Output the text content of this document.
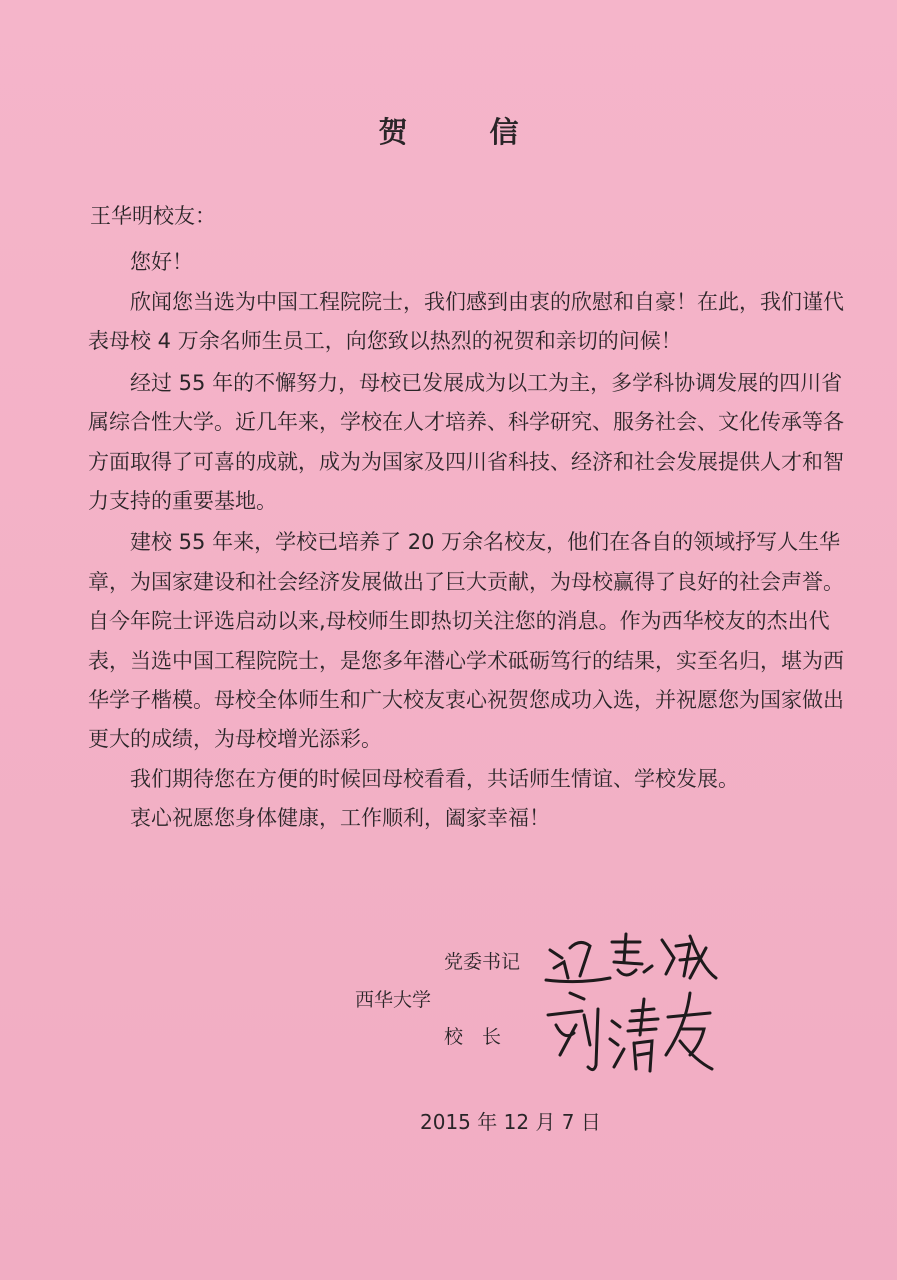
贺 信
王华明校友：
您好！

欣闻您当选为中国工程院院士，我们感到由衷的欣慰和自豪！在此，我们谨代表母校 4 万余名师生员工，向您致以热烈的祝贺和亲切的问候！

经过 55 年的不懈努力，母校已发展成为以工为主，多学科协调发展的四川省属综合性大学。近几年来，学校在人才培养、科学研究、服务社会、文化传承等各方面取得了可喜的成就，成为为国家及四川省科技、经济和社会发展提供人才和智力支持的重要基地。

建校 55 年来，学校已培养了 20 万余名校友，他们在各自的领域抒写人生华章，为国家建设和社会经济发展做出了巨大贡献，为母校赢得了良好的社会声誉。自今年院士评选启动以来,母校师生即热切关注您的消息。作为西华校友的杰出代表，当选中国工程院院士，是您多年潜心学术砥砺笃行的结果，实至名归，堪为西华学子楷模。母校全体师生和广大校友衷心祝贺您成功入选，并祝愿您为国家做出更大的成绩，为母校增光添彩。

我们期待您在方便的时候回母校看看，共话师生情谊、学校发展。

衷心祝愿您身体健康，工作顺利，阖家幸福！

党委书记
西华大学
校　长
2015 年 12 月 7 日
